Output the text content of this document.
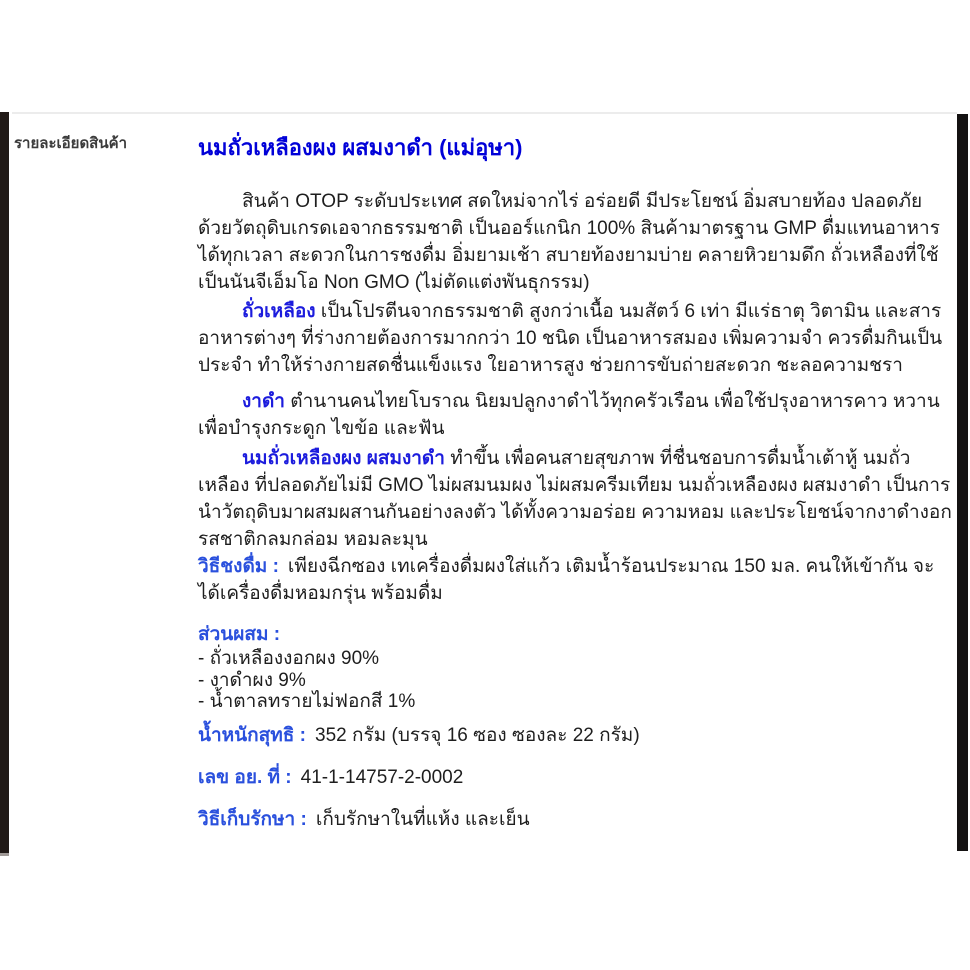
รายละเอียดสินค้า	นมถั่วเหลืองผง ผสมงาดำ (แม่อุษา)
สินค้า OTOP ระดับประเทศ สดใหม่จากไร่ อร่อยดี มีประโยชน์ อิ่มสบายท้อง ปลอดภัย ด้วยวัตถุดิบเกรดเอจากธรรมชาติ เป็นออร์แกนิก 100% สินค้ามาตรฐาน GMP ดื่มแทนอาหารได้ทุกเวลา สะดวกในการชงดื่ม อิ่มยามเช้า สบายท้องยามบ่าย คลายหิวยามดึก ถั่วเหลืองที่ใช้เป็นนันจีเอ็มโอ Non GMO (ไม่ตัดแต่งพันธุกรรม)
ถั่วเหลือง เป็นโปรตีนจากธรรมชาติ สูงกว่าเนื้อ นมสัตว์ 6 เท่า มีแร่ธาตุ วิตามิน และสารอาหารต่างๆ ที่ร่างกายต้องการมากกว่า 10 ชนิด เป็นอาหารสมอง เพิ่มความจำ ควรดื่มกินเป็นประจำ ทำให้ร่างกายสดชื่นแข็งแรง ใยอาหารสูง ช่วยการขับถ่ายสะดวก ชะลอความชรา
งาดำ ตำนานคนไทยโบราณ นิยมปลูกงาดำไว้ทุกครัวเรือน เพื่อใช้ปรุงอาหารคาว หวาน เพื่อบำรุงกระดูก ไขข้อ และฟัน
นมถั่วเหลืองผง ผสมงาดำ ทำขึ้น เพื่อคนสายสุขภาพ ที่ชื่นชอบการดื่มน้ำเต้าหู้ นมถั่วเหลือง ที่ปลอดภัยไม่มี GMO ไม่ผสมนมผง ไม่ผสมครีมเทียม นมถั่วเหลืองผง ผสมงาดำ เป็นการนำวัตถุดิบมาผสมผสานกันอย่างลงตัว ได้ทั้งความอร่อย ความหอม และประโยชน์จากงาดำงอก รสชาติกลมกล่อม หอมละมุน
วิธีชงดื่ม : เพียงฉีกซอง เทเครื่องดื่มผงใส่แก้ว เติมน้ำร้อนประมาณ 150 มล. คนให้เข้ากัน จะได้เครื่องดื่มหอมกรุ่น พร้อมดื่ม
ส่วนผสม :
- ถั่วเหลืองงอกผง 90%
- งาดำผง 9%
- น้ำตาลทรายไม่ฟอกสี 1%
น้ำหนักสุทธิ : 352 กรัม (บรรจุ 16 ซอง ซองละ 22 กรัม)
เลข อย. ที่ : 41-1-14757-2-0002
วิธีเก็บรักษา : เก็บรักษาในที่แห้ง และเย็น
